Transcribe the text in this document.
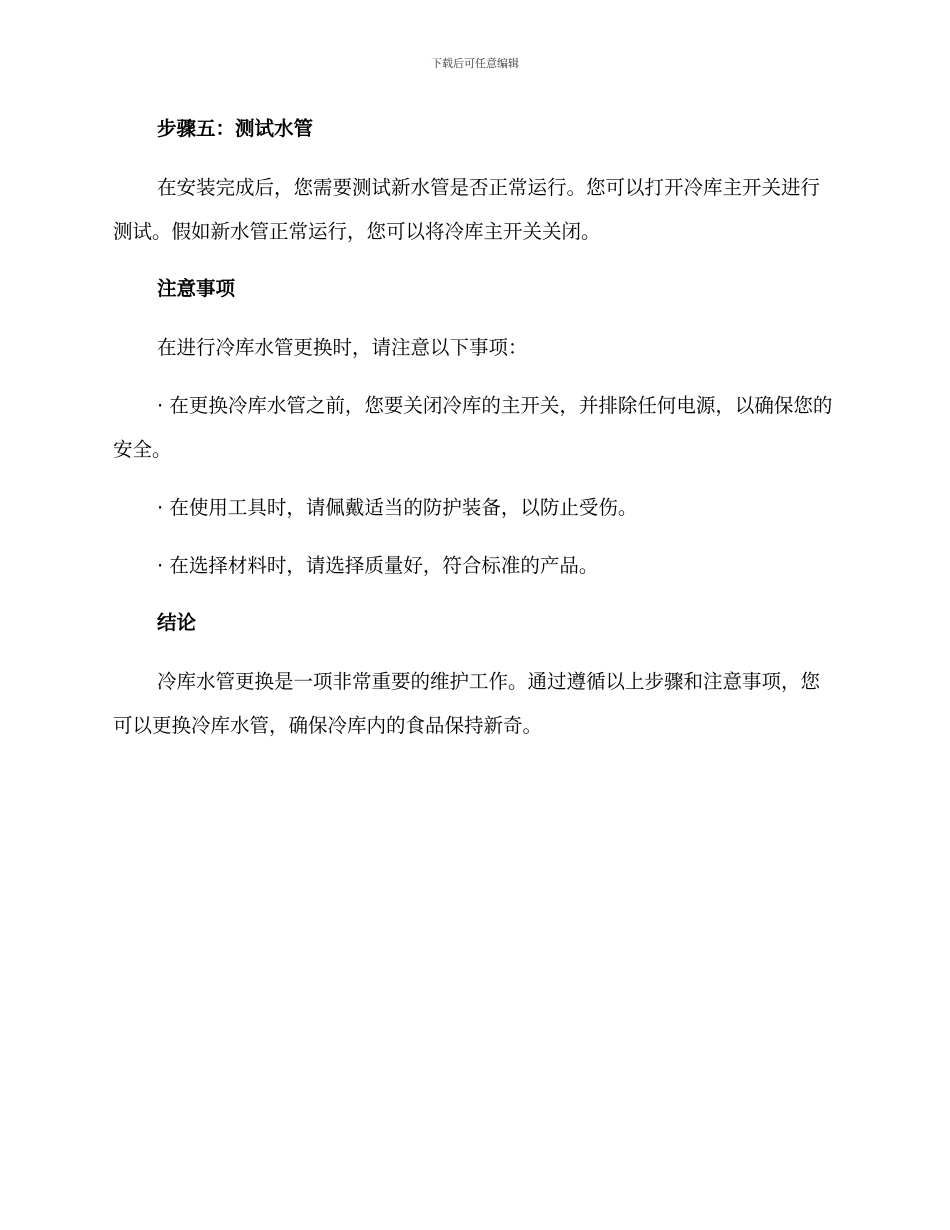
下载后可任意编辑
步骤五：测试水管
在安装完成后，您需要测试新水管是否正常运行。您可以打开冷库主开关进行测试。假如新水管正常运行，您可以将冷库主开关关闭。
注意事项
在进行冷库水管更换时，请注意以下事项：
· 在更换冷库水管之前，您要关闭冷库的主开关，并排除任何电源，以确保您的安全。
· 在使用工具时，请佩戴适当的防护装备，以防止受伤。
· 在选择材料时，请选择质量好，符合标准的产品。
结论
冷库水管更换是一项非常重要的维护工作。通过遵循以上步骤和注意事项，您可以更换冷库水管，确保冷库内的食品保持新奇。
